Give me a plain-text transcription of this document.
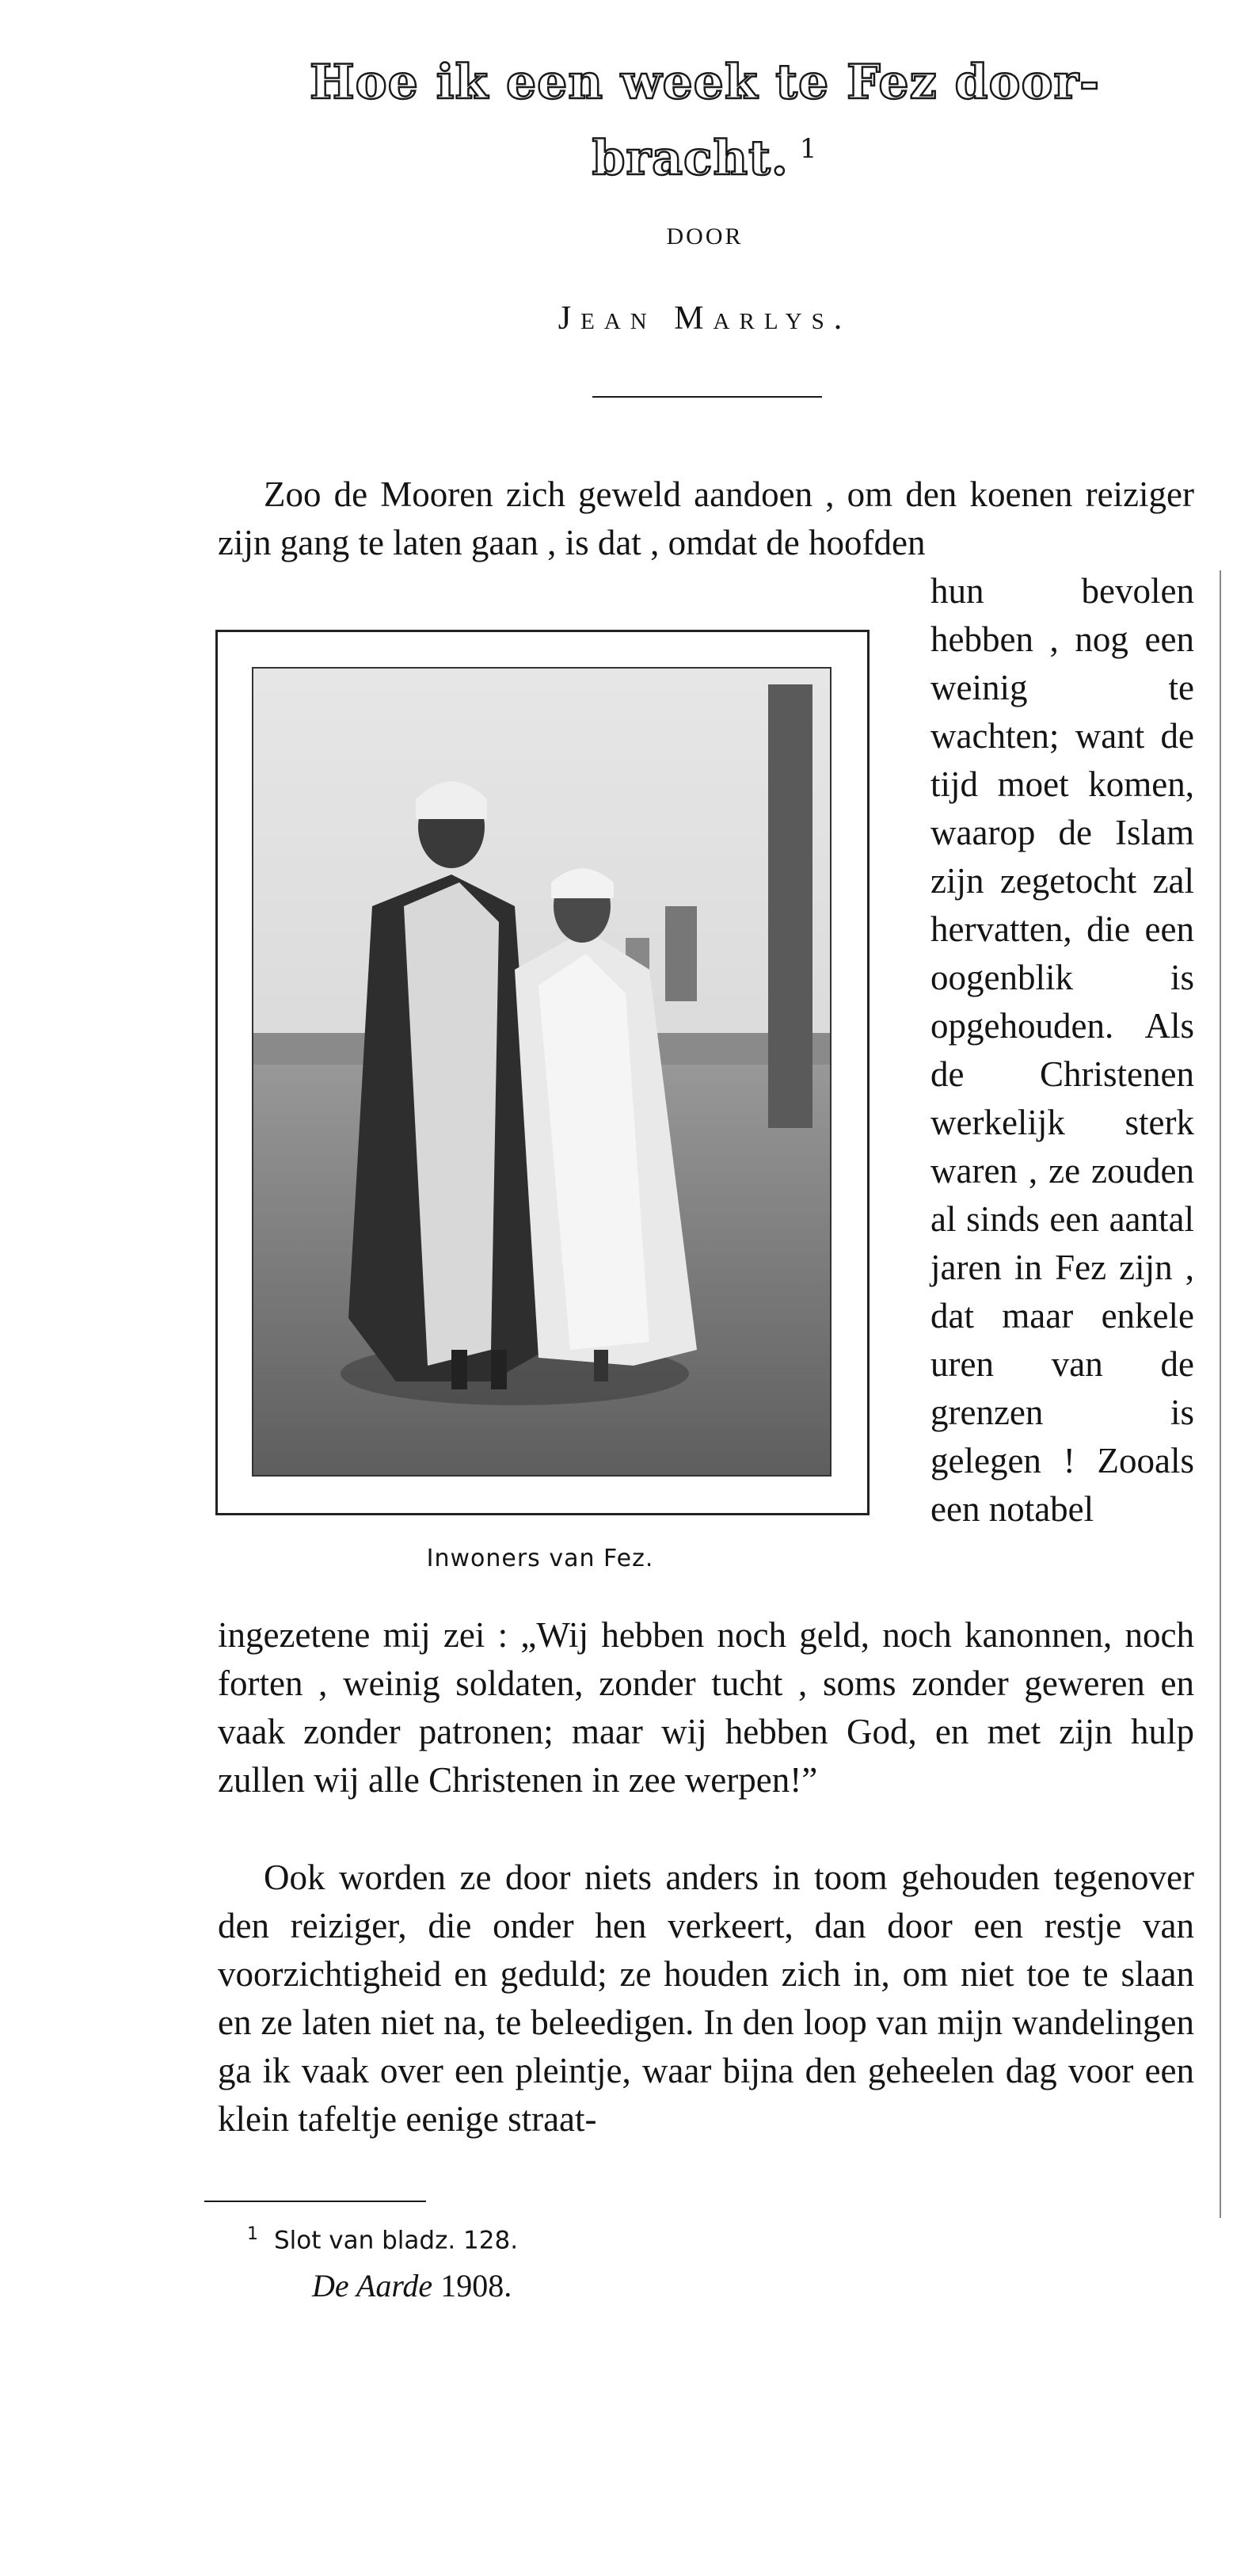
Hoe ik een week te Fez door-
bracht. $^1$
DOOR
Jean Marlys.

Zoo de Mooren zich geweld aandoen , om den koenen reiziger zijn gang te laten gaan , is dat , omdat de hoofden

hun bevolen hebben , nog een weinig te wachten; want de tijd moet komen, waarop de Islam zijn zegetocht zal hervatten, die een oogenblik is opgehouden. Als de Christenen werkelijk sterk waren , ze zouden al sinds een aantal jaren in Fez zijn , dat maar enkele uren van de grenzen is gelegen ! Zooals een notabel

Inwoners van Fez.

ingezetene mij zei : „Wij hebben noch geld, noch kanonnen, noch forten , weinig soldaten, zonder tucht , soms zonder geweren en vaak zonder patronen; maar wij hebben God, en met zijn hulp zullen wij alle Christenen in zee werpen!”

Ook worden ze door niets anders in toom gehouden tegenover den reiziger, die onder hen verkeert, dan door een restje van voorzichtigheid en geduld; ze houden zich in, om niet toe te slaan en ze laten niet na, te beleedigen. In den loop van mijn wandelingen ga ik vaak over een pleintje, waar bijna den geheelen dag voor een klein tafeltje eenige straat-

$^1$ Slot van bladz. 128.
De Aarde 1908.
